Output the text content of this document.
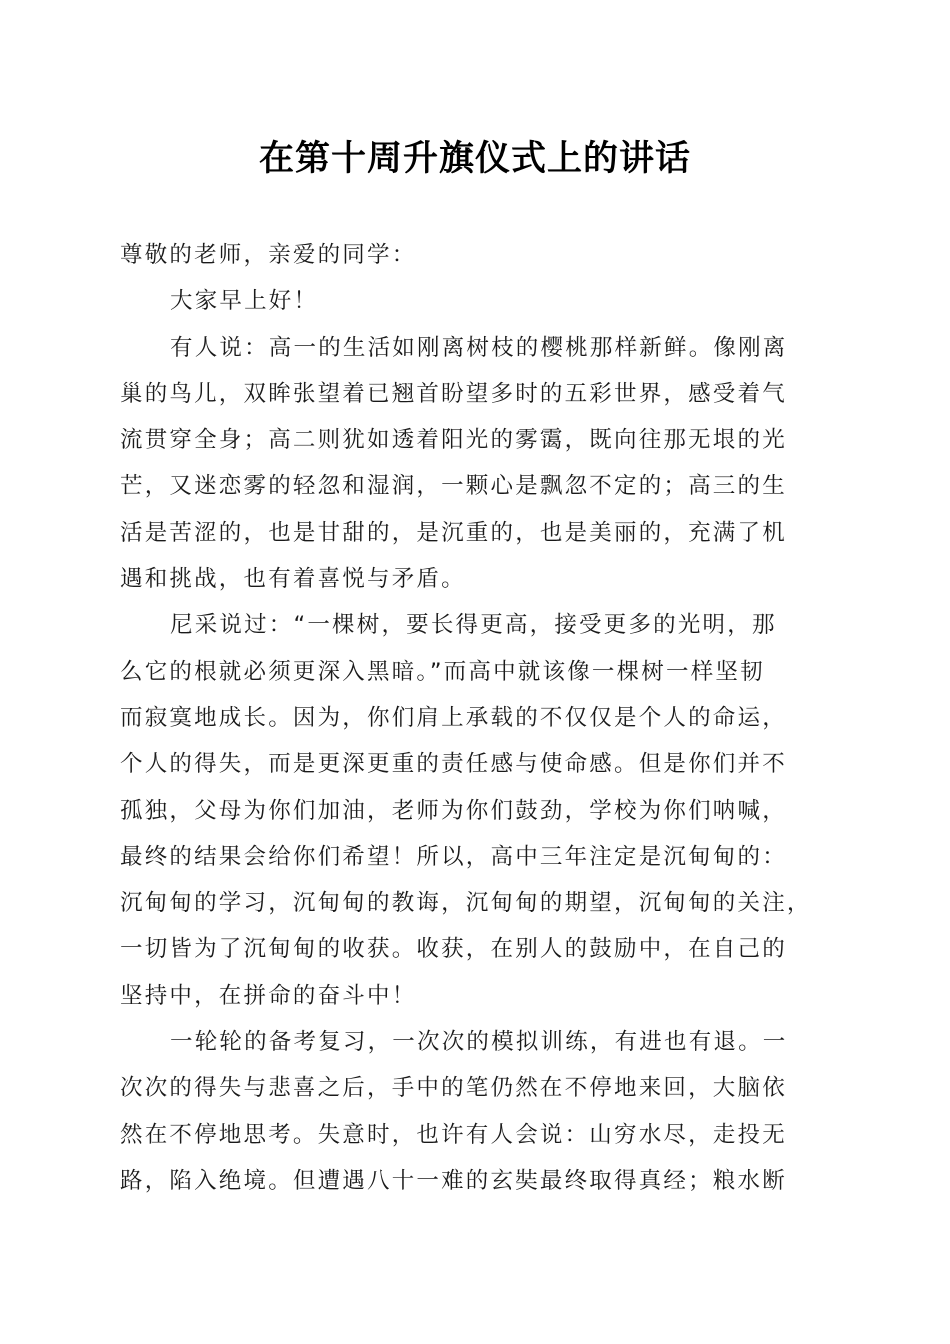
在第十周升旗仪式上的讲话
尊敬的老师，亲爱的同学：
大家早上好！
有人说：高一的生活如刚离树枝的樱桃那样新鲜。像刚离
巢的鸟儿，双眸张望着已翘首盼望多时的五彩世界，感受着气
流贯穿全身；高二则犹如透着阳光的雾霭，既向往那无垠的光
芒，又迷恋雾的轻忽和湿润，一颗心是飘忽不定的；高三的生
活是苦涩的，也是甘甜的，是沉重的，也是美丽的，充满了机
遇和挑战，也有着喜悦与矛盾。
尼采说过：“一棵树，要长得更高，接受更多的光明，那
么它的根就必须更深入黑暗。”而高中就该像一棵树一样坚韧
而寂寞地成长。因为，你们肩上承载的不仅仅是个人的命运，
个人的得失，而是更深更重的责任感与使命感。但是你们并不
孤独，父母为你们加油，老师为你们鼓劲，学校为你们呐喊，
最终的结果会给你们希望！所以，高中三年注定是沉甸甸的：
沉甸甸的学习，沉甸甸的教诲，沉甸甸的期望，沉甸甸的关注，
一切皆为了沉甸甸的收获。收获，在别人的鼓励中，在自己的
坚持中，在拼命的奋斗中！
一轮轮的备考复习，一次次的模拟训练，有进也有退。一
次次的得失与悲喜之后，手中的笔仍然在不停地来回，大脑依
然在不停地思考。失意时，也许有人会说：山穷水尽，走投无
路，陷入绝境。但遭遇八十一难的玄奘最终取得真经；粮水断
